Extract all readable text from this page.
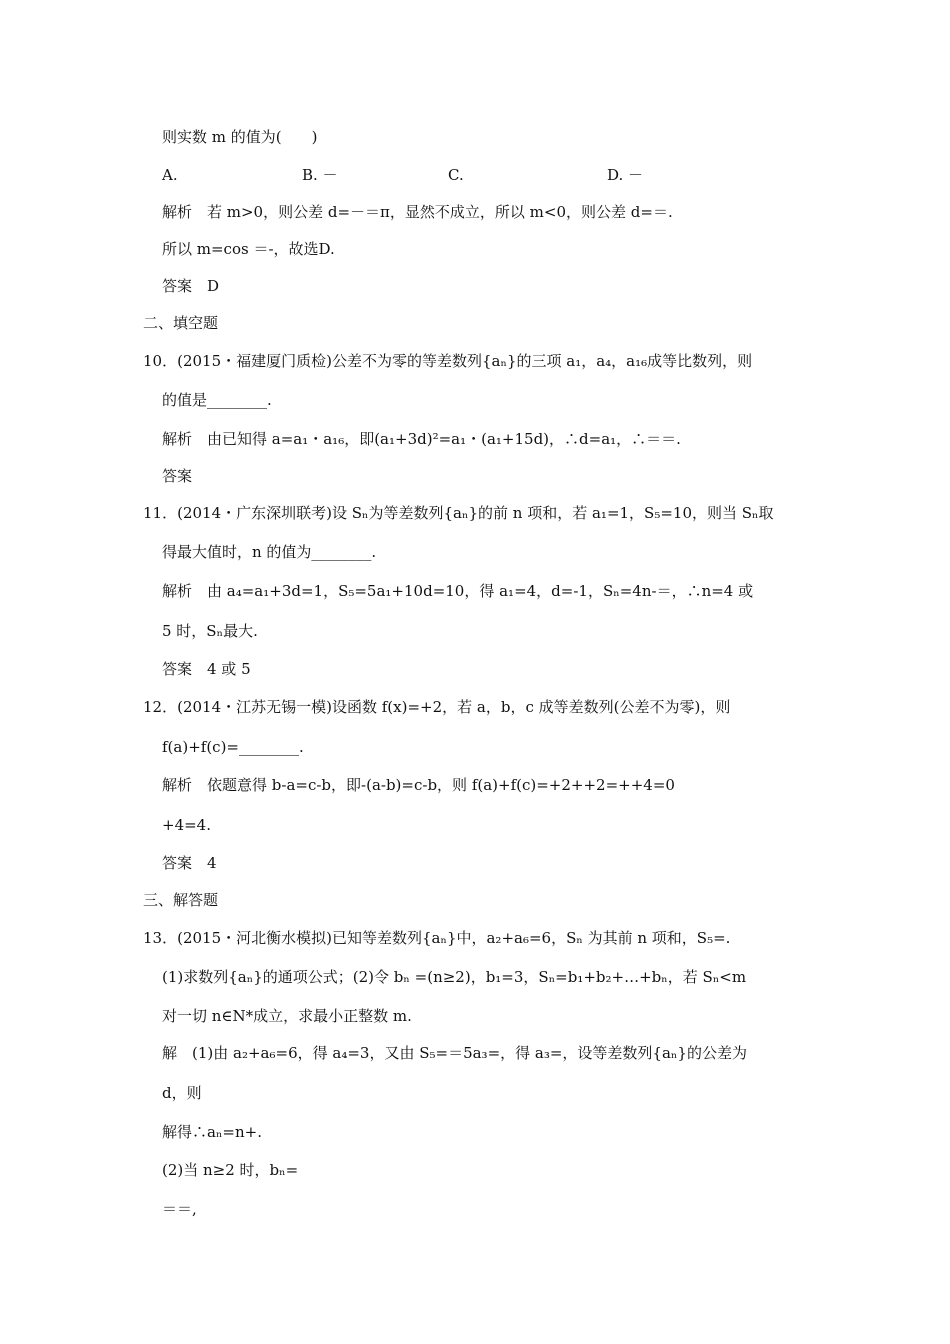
则实数 m 的值为(　　)
A.	B. －	C.	D. －
解析　若 m>0，则公差 d=－＝π，显然不成立，所以 m<0，则公差 d=＝.
所以 m=cos ＝-，故选D.
答案　D
二、填空题
10．(2015・福建厦门质检)公差不为零的等差数列{aₙ}的三项 a₁，a₄，a₁₆成等比数列，则
的值是________.
解析　由已知得 a=a₁・a₁₆，即(a₁+3d)²=a₁・(a₁+15d)，∴d=a₁，∴＝＝.
答案
11．(2014・广东深圳联考)设 Sₙ为等差数列{aₙ}的前 n 项和，若 a₁=1，S₅=10，则当 Sₙ取
得最大值时，n 的值为________.
解析　由 a₄=a₁+3d=1，S₅=5a₁+10d=10，得 a₁=4，d=-1，Sₙ=4n-＝，∴n=4 或
5 时，Sₙ最大.
答案　4 或 5
12．(2014・江苏无锡一模)设函数 f(x)=+2，若 a，b，c 成等差数列(公差不为零)，则
f(a)+f(c)=________.
解析　依题意得 b-a=c-b，即-(a-b)=c-b，则 f(a)+f(c)=+2++2=++4=0
+4=4.
答案　4
三、解答题
13．(2015・河北衡水模拟)已知等差数列{aₙ}中，a₂+a₆=6，Sₙ 为其前 n 项和，S₅=.
(1)求数列{aₙ}的通项公式；(2)令 bₙ =(n≥2)，b₁=3，Sₙ=b₁+b₂+…+bₙ，若 Sₙ<m
对一切 n∈N*成立，求最小正整数 m.
解　(1)由 a₂+a₆=6，得 a₄=3，又由 S₅=＝5a₃=，得 a₃=，设等差数列{aₙ}的公差为
d，则
解得∴aₙ=n+.
(2)当 n≥2 时，bₙ=
＝＝,
